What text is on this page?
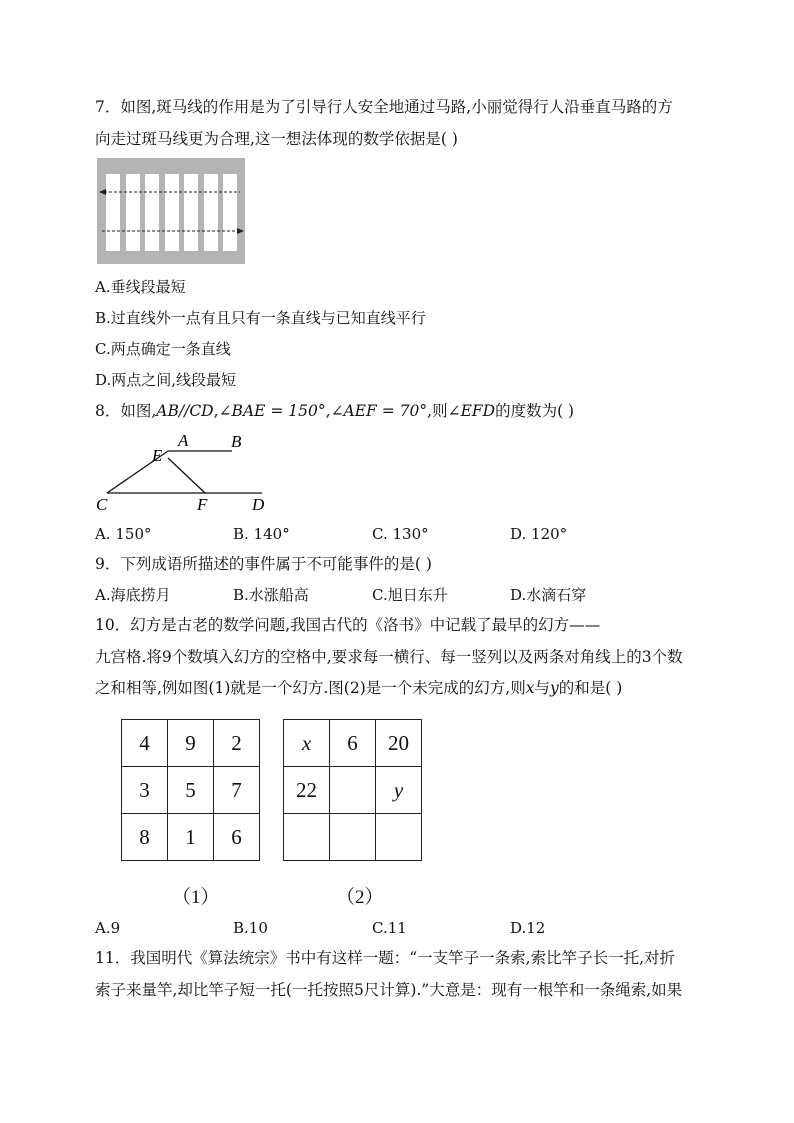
7．如图,斑马线的作用是为了引导行人安全地通过马路,小丽觉得行人沿垂直马路的方
向走过斑马线更为合理,这一想法体现的数学依据是( )
A.垂线段最短
B.过直线外一点有且只有一条直线与已知直线平行
C.两点确定一条直线
D.两点之间,线段最短
8．如图,AB//CD,∠BAE = 150°,∠AEF = 70°,则∠EFD的度数为( )
A	B
E
C	F	D
A. 150°	B. 140°	C. 130°	D. 120°
9．下列成语所描述的事件属于不可能事件的是( )
A.海底捞月	B.水涨船高	C.旭日东升	D.水滴石穿
10．幻方是古老的数学问题,我国古代的《洛书》中记载了最早的幻方——
九宫格.将9个数填入幻方的空格中,要求每一横行、每一竖列以及两条对角线上的3个数
之和相等,例如图(1)就是一个幻方.图(2)是一个未完成的幻方,则x与y的和是( )
4	9	2
3	5	7
8	1	6
x	6	20
22		y

（1）	（2）
A.9	B.10	C.11	D.12
11．我国明代《算法统宗》书中有这样一题：“一支竿子一条索,索比竿子长一托,对折
索子来量竿,却比竿子短一托(一托按照5尺计算).”大意是：现有一根竿和一条绳索,如果
